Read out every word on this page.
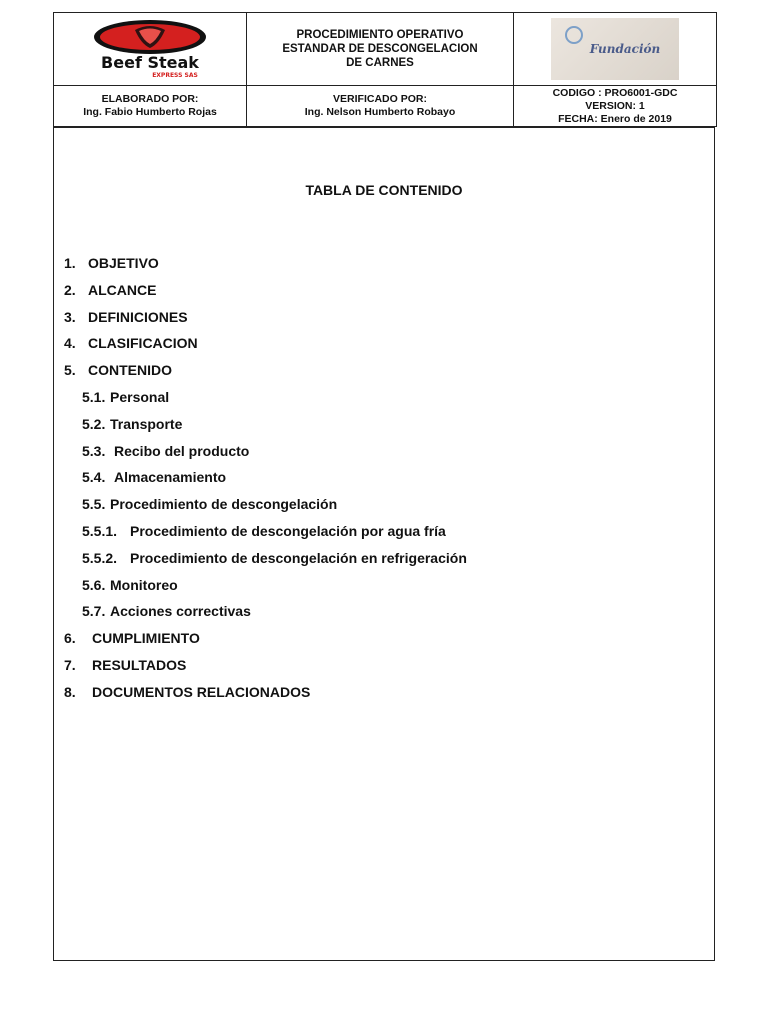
Beef Steak
EXPRESS SAS
PROCEDIMIENTO OPERATIVO
ESTANDAR DE DESCONGELACION
DE CARNES
Fundación
ELABORADO POR:
Ing. Fabio Humberto Rojas
VERIFICADO POR:
Ing. Nelson Humberto Robayo
CODIGO : PRO6001-GDC
VERSION: 1
FECHA: Enero de 2019
TABLA DE CONTENIDO
1. OBJETIVO
2. ALCANCE
3. DEFINICIONES
4. CLASIFICACION
5. CONTENIDO
5.1. Personal
5.2. Transporte
5.3. Recibo del producto
5.4. Almacenamiento
5.5. Procedimiento de descongelación
5.5.1. Procedimiento de descongelación por agua fría
5.5.2. Procedimiento de descongelación en refrigeración
5.6. Monitoreo
5.7. Acciones correctivas
6. CUMPLIMIENTO
7. RESULTADOS
8. DOCUMENTOS RELACIONADOS
